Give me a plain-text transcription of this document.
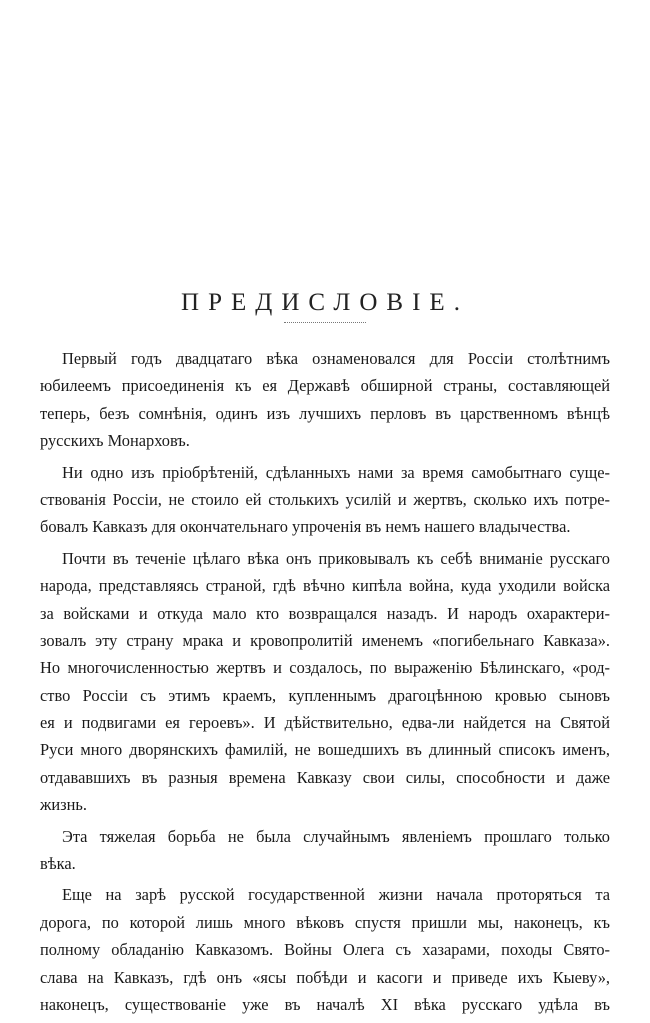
ПРЕДИСЛОВІЕ.
Первый годъ двадцатаго вѣка ознаменовался для Россіи столѣтнимъ
юбилеемъ присоединенія къ ея Державѣ обширной страны, составляющей
теперь, безъ сомнѣнія, одинъ изъ лучшихъ перловъ въ царственномъ вѣнцѣ
русскихъ Монарховъ.
Ни одно изъ пріобрѣтеній, сдѣланныхъ нами за время самобытнаго суще-
ствованія Россіи, не стоило ей столькихъ усилій и жертвъ, сколько ихъ потре-
бовалъ Кавказъ для окончательнаго упроченія въ немъ нашего владычества.
Почти въ теченіе цѣлаго вѣка онъ приковывалъ къ себѣ вниманіе русскаго
народа, представляясь страной, гдѣ вѣчно кипѣла война, куда уходили войска
за войсками и откуда мало кто возвращался назадъ. И народъ охарактери-
зовалъ эту страну мрака и кровопролитій именемъ «погибельнаго Кавказа».
Но многочисленностью жертвъ и создалось, по выраженію Бѣлинскаго, «род-
ство Россіи съ этимъ краемъ, купленнымъ драгоцѣнною кровью сыновъ
ея и подвигами ея героевъ». И дѣйствительно, едва-ли найдется на Святой
Руси много дворянскихъ фамилій, не вошедшихъ въ длинный списокъ именъ,
отдававшихъ въ разныя времена Кавказу свои силы, способности и даже
жизнь.
Эта тяжелая борьба не была случайнымъ явленіемъ прошлаго только
вѣка.
Еще на зарѣ русской государственной жизни начала проторяться та
дорога, по которой лишь много вѣковъ спустя пришли мы, наконецъ, къ
полному обладанію Кавказомъ. Войны Олега съ хазарами, походы Свято-
слава на Кавказъ, гдѣ онъ «ясы побѣди и касоги и приведе ихъ Кыеву»,
наконецъ, существованіе уже въ началѣ XI вѣка русскаго удѣла въ
